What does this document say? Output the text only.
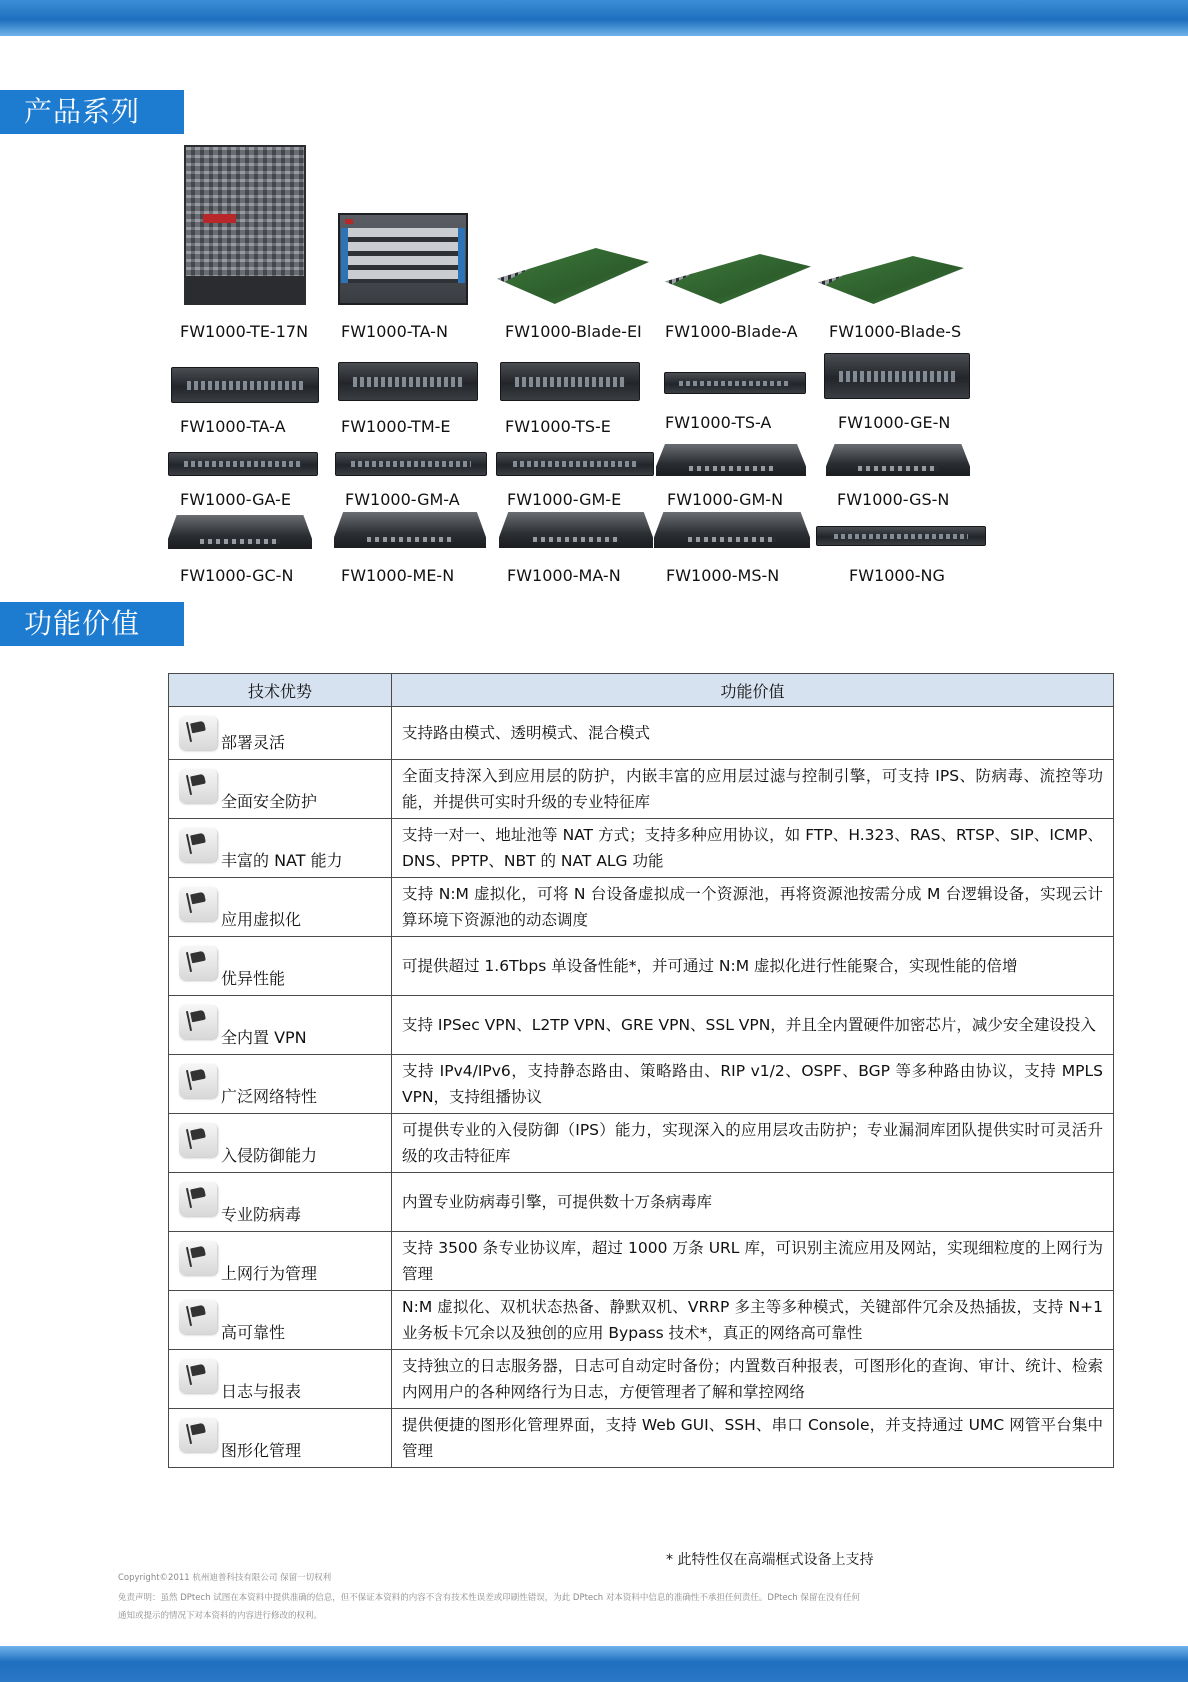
产品系列
FW1000-TE-17N FW1000-TA-N	FW1000-Blade-EI FW1000-Blade-A FW1000-Blade-S
FW1000-TA-A	FW1000-TM-E	FW1000-TS-E	FW1000-TS-A	FW1000-GE-N
FW1000-GA-E	FW1000-GM-A	FW1000-GM-E	FW1000-GM-N	FW1000-GS-N
FW1000-GC-N	FW1000-ME-N	FW1000-MA-N	FW1000-MS-N	FW1000-NG
功能价值
技术优势	功能价值

部署灵活	支持路由模式、透明模式、混合模式

全面安全防护	全面支持深入到应用层的防护，内嵌丰富的应用层过滤与控制引擎，可支持 IPS、防病毒、流控等功能，并提供可实时升级的专业特征库

丰富的 NAT 能力	支持一对一、地址池等 NAT 方式；支持多种应用协议，如 FTP、H.323、RAS、RTSP、SIP、ICMP、DNS、PPTP、NBT 的 NAT ALG 功能

应用虚拟化	支持 N:M 虚拟化，可将 N 台设备虚拟成一个资源池，再将资源池按需分成 M 台逻辑设备，实现云计算环境下资源池的动态调度

优异性能	可提供超过 1.6Tbps 单设备性能*，并可通过 N:M 虚拟化进行性能聚合，实现性能的倍增

全内置 VPN	支持 IPSec VPN、L2TP VPN、GRE VPN、SSL VPN，并且全内置硬件加密芯片，减少安全建设投入

广泛网络特性	支持 IPv4/IPv6，支持静态路由、策略路由、RIP v1/2、OSPF、BGP 等多种路由协议，支持 MPLS VPN，支持组播协议

入侵防御能力	可提供专业的入侵防御（IPS）能力，实现深入的应用层攻击防护；专业漏洞库团队提供实时可灵活升级的攻击特征库

专业防病毒	内置专业防病毒引擎，可提供数十万条病毒库

上网行为管理	支持 3500 条专业协议库，超过 1000 万条 URL 库，可识别主流应用及网站，实现细粒度的上网行为管理

高可靠性	N:M 虚拟化、双机状态热备、静默双机、VRRP 多主等多种模式，关键部件冗余及热插拔，支持 N+1 业务板卡冗余以及独创的应用 Bypass 技术*，真正的网络高可靠性

日志与报表	支持独立的日志服务器，日志可自动定时备份；内置数百种报表，可图形化的查询、审计、统计、检索内网用户的各种网络行为日志，方便管理者了解和掌控网络

图形化管理	提供便捷的图形化管理界面，支持 Web GUI、SSH、串口 Console，并支持通过 UMC 网管平台集中管理
* 此特性仅在高端框式设备上支持
Copyright©2011 杭州迪普科技有限公司 保留一切权利
免责声明：虽然 DPtech 试图在本资料中提供准确的信息，但不保证本资料的内容不含有技术性误差或印刷性错误，为此 DPtech 对本资料中信息的准确性不承担任何责任。DPtech 保留在没有任何
通知或提示的情况下对本资料的内容进行修改的权利。
